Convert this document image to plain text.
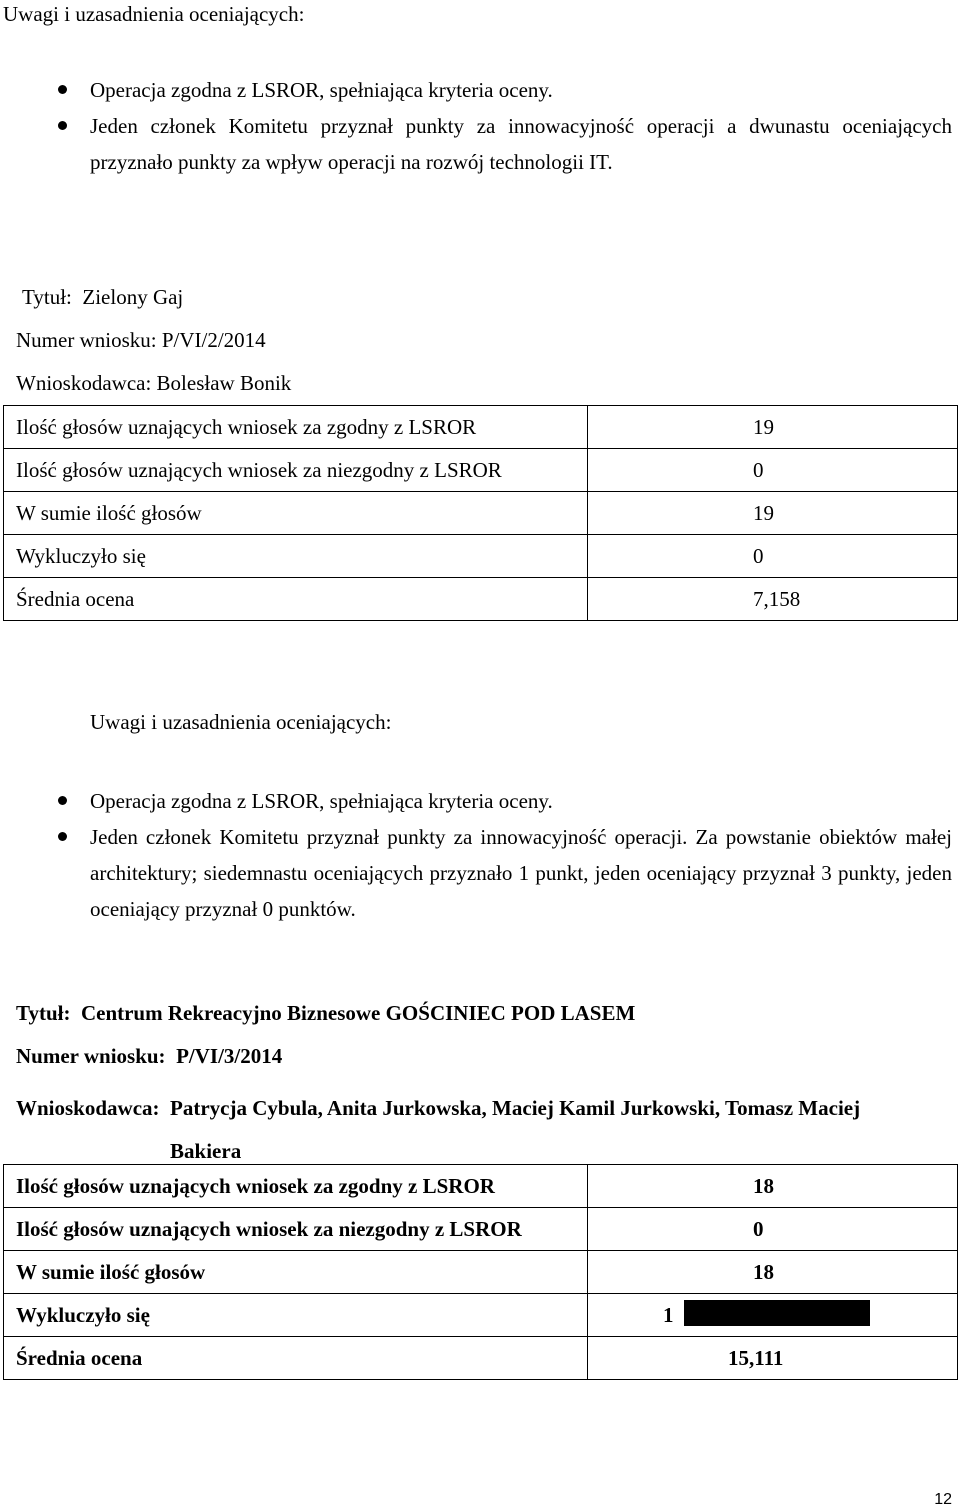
Uwagi i uzasadnienia oceniających:
Operacja zgodna z LSROR, spełniająca kryteria oceny.
Jeden członek Komitetu przyznał punkty za innowacyjność operacji a dwunastu oceniających przyznało punkty za wpływ operacji na rozwój technologii IT.
Tytuł: Zielony Gaj
Numer wniosku: P/VI/2/2014
Wnioskodawca: Bolesław Bonik
Ilość głosów uznających wniosek za zgodny z LSROR	19
Ilość głosów uznających wniosek za niezgodny z LSROR	0
W sumie ilość głosów	19
Wykluczyło się	0
Średnia ocena	7,158
Uwagi i uzasadnienia oceniających:
Operacja zgodna z LSROR, spełniająca kryteria oceny.
Jeden członek Komitetu przyznał punkty za innowacyjność operacji. Za powstanie obiektów małej architektury; siedemnastu oceniających przyznało 1 punkt, jeden oceniający przyznał 3 punkty, jeden oceniający przyznał 0 punktów.
Tytuł: Centrum Rekreacyjno Biznesowe GOŚCINIEC POD LASEM
Numer wniosku: P/VI/3/2014
Wnioskodawca: Patrycja Cybula, Anita Jurkowska, Maciej Kamil Jurkowski, Tomasz Maciej Bakiera
Ilość głosów uznających wniosek za zgodny z LSROR	18
Ilość głosów uznających wniosek za niezgodny z LSROR	0
W sumie ilość głosów	18
Wykluczyło się	1
Średnia ocena	15,111
12
